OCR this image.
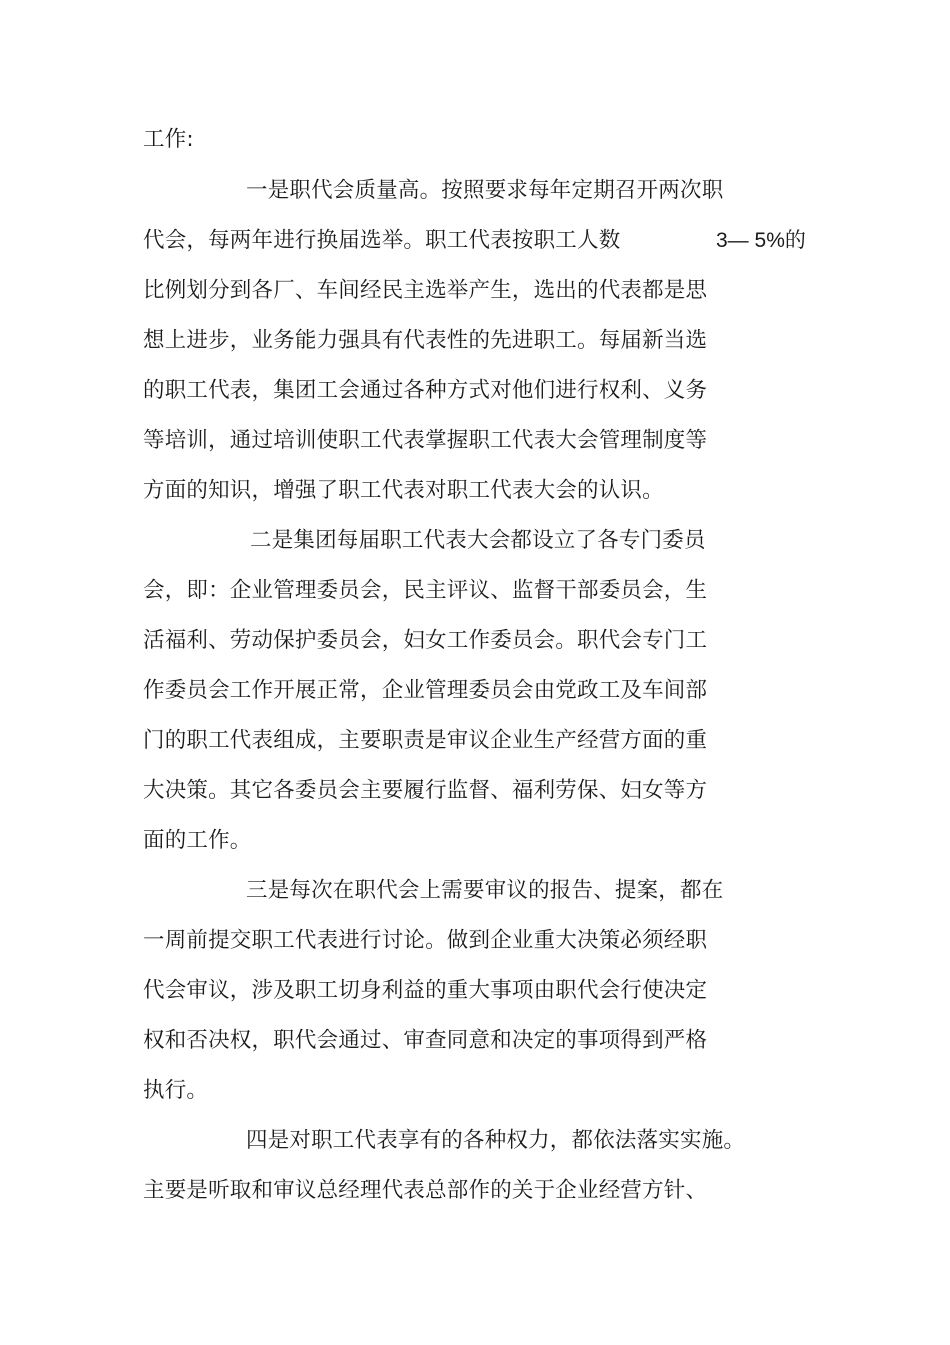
工作:
一是职代会质量高。按照要求每年定期召开两次职
代会，每两年进行换届选举。职工代表按职工人数	3— 5%的
比例划分到各厂、车间经民主选举产生，选出的代表都是思
想上进步，业务能力强具有代表性的先进职工。每届新当选
的职工代表，集团工会通过各种方式对他们进行权利、义务
等培训，通过培训使职工代表掌握职工代表大会管理制度等
方面的知识，增强了职工代表对职工代表大会的认识。
二是集团每届职工代表大会都设立了各专门委员
会，即：企业管理委员会，民主评议、监督干部委员会，生
活福利、劳动保护委员会，妇女工作委员会。职代会专门工
作委员会工作开展正常，企业管理委员会由党政工及车间部
门的职工代表组成，主要职责是审议企业生产经营方面的重
大决策。其它各委员会主要履行监督、福利劳保、妇女等方
面的工作。
三是每次在职代会上需要审议的报告、提案，都在
一周前提交职工代表进行讨论。做到企业重大决策必须经职
代会审议，涉及职工切身利益的重大事项由职代会行使决定
权和否决权，职代会通过、审查同意和决定的事项得到严格
执行。
四是对职工代表享有的各种权力，都依法落实实施。
主要是听取和审议总经理代表总部作的关于企业经营方针、
